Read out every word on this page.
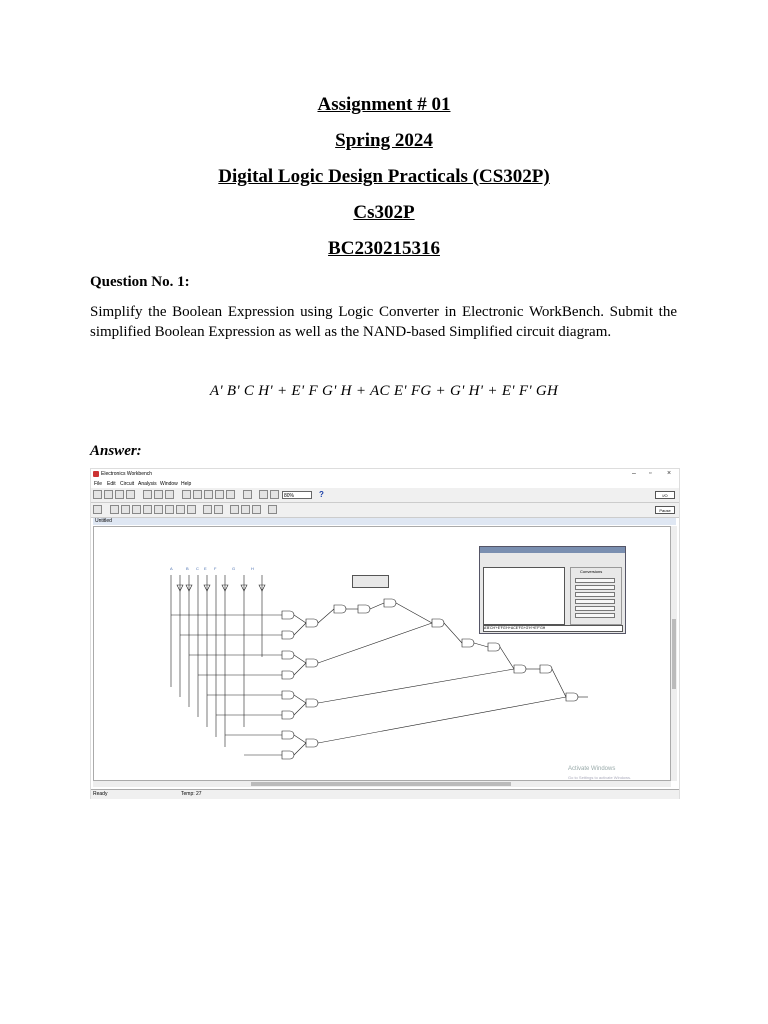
Assignment # 01
Spring 2024
Digital Logic Design Practicals (CS302P)
Cs302P
BC230215316
Question No. 1:
Simplify the Boolean Expression using Logic Converter in Electronic WorkBench. Submit the simplified Boolean Expression as well as the NAND-based Simplified circuit diagram.
A' B' C H' + E' F G' H + AC E' FG + G' H' + E' F' GH
Answer:
Electronics Workbench	– ▫ ×
File Edit Circuit Analysis Window Help
80%	?	I/O
Pause
Untitled
A	B C E F	G	H
Conversions
A'B'CH'+E'FG'H+ACE'FG+G'H'+E'F'GH
Activate Windows
Go to Settings to activate Windows.
Ready	Temp: 27
